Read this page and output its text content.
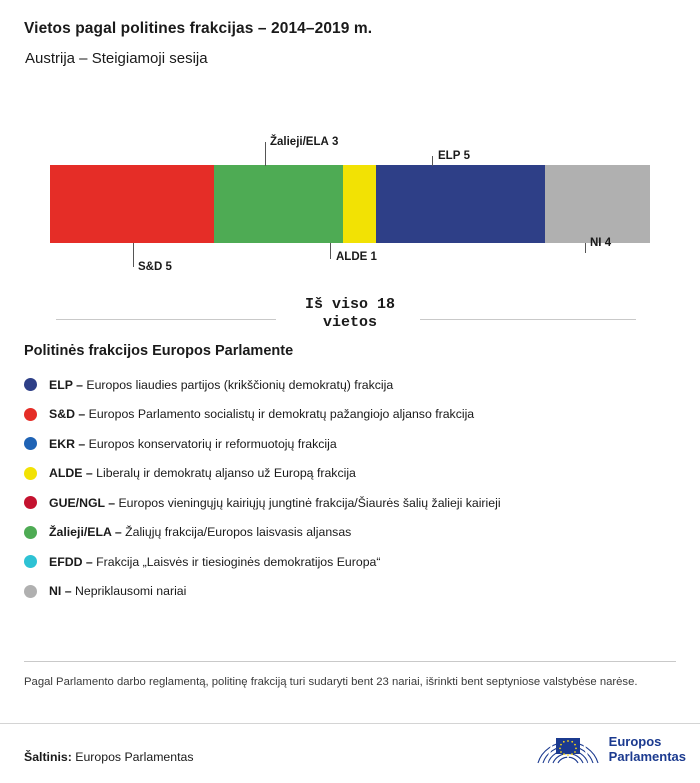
Vietos pagal politines frakcijas – 2014–2019 m.
Austrija – Steigiamoji sesija
Žalieji/ELA 3
ELP 5
S&D 5
ALDE 1
NI 4
Iš viso 18
vietos
Politinės frakcijos Europos Parlamente
ELP – Europos liaudies partijos (krikščionių demokratų) frakcija
S&D – Europos Parlamento socialistų ir demokratų pažangiojo aljanso frakcija
EKR – Europos konservatorių ir reformuotojų frakcija
ALDE – Liberalų ir demokratų aljanso už Europą frakcija
GUE/NGL – Europos vieningųjų kairiųjų jungtinė frakcija/Šiaurės šalių žalieji kairieji
Žalieji/ELA – Žaliųjų frakcija/Europos laisvasis aljansas
EFDD – Frakcija „Laisvės ir tiesioginės demokratijos Europa“
NI – Nepriklausomi nariai
Pagal Parlamento darbo reglamentą, politinę frakciją turi sudaryti bent 23 nariai, išrinkti bent septyniose valstybėse narėse.
Šaltinis: Europos Parlamentas
Europos
Parlamentas
